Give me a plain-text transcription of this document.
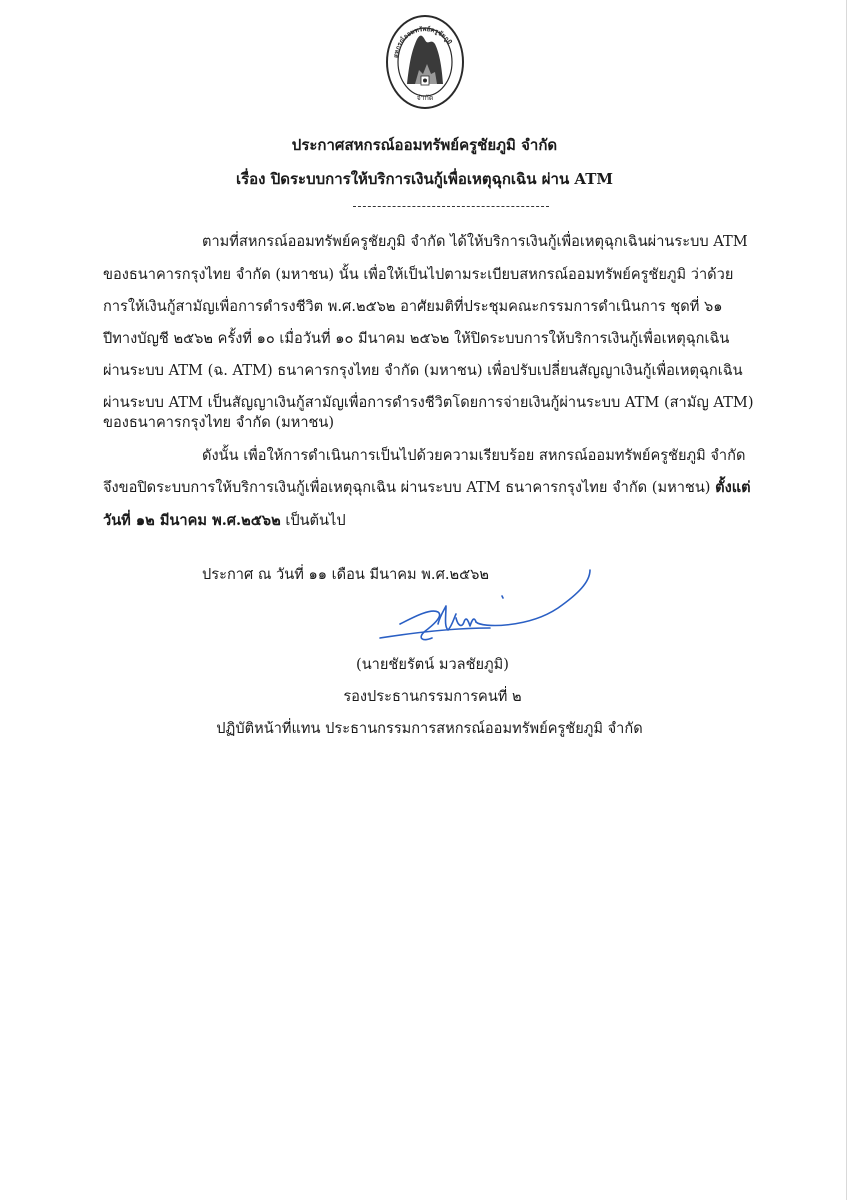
สหกรณ์ออมทรัพย์ครูชัยภูมิ
จำกัด
ประกาศสหกรณ์ออมทรัพย์ครูชัยภูมิ จำกัด
เรื่อง ปิดระบบการให้บริการเงินกู้เพื่อเหตุฉุกเฉิน ผ่าน ATM
ตามที่สหกรณ์ออมทรัพย์ครูชัยภูมิ จำกัด ได้ให้บริการเงินกู้เพื่อเหตุฉุกเฉินผ่านระบบ ATM
ของธนาคารกรุงไทย จำกัด (มหาชน) นั้น เพื่อให้เป็นไปตามระเบียบสหกรณ์ออมทรัพย์ครูชัยภูมิ ว่าด้วย
การให้เงินกู้สามัญเพื่อการดำรงชีวิต พ.ศ.๒๕๖๒ อาศัยมติที่ประชุมคณะกรรมการดำเนินการ ชุดที่ ๖๑
ปีทางบัญชี ๒๕๖๒ ครั้งที่ ๑๐ เมื่อวันที่ ๑๐ มีนาคม ๒๕๖๒ ให้ปิดระบบการให้บริการเงินกู้เพื่อเหตุฉุกเฉิน
ผ่านระบบ ATM (ฉ. ATM) ธนาคารกรุงไทย จำกัด (มหาชน) เพื่อปรับเปลี่ยนสัญญาเงินกู้เพื่อเหตุฉุกเฉิน
ผ่านระบบ ATM เป็นสัญญาเงินกู้สามัญเพื่อการดำรงชีวิตโดยการจ่ายเงินกู้ผ่านระบบ ATM (สามัญ ATM)
ของธนาคารกรุงไทย จำกัด (มหาชน)
ดังนั้น เพื่อให้การดำเนินการเป็นไปด้วยความเรียบร้อย สหกรณ์ออมทรัพย์ครูชัยภูมิ จำกัด
จึงขอปิดระบบการให้บริการเงินกู้เพื่อเหตุฉุกเฉิน ผ่านระบบ ATM ธนาคารกรุงไทย จำกัด (มหาชน) ตั้งแต่
วันที่ ๑๒ มีนาคม พ.ศ.๒๕๖๒ เป็นต้นไป
ประกาศ ณ วันที่ ๑๑ เดือน มีนาคม พ.ศ.๒๕๖๒
(นายชัยรัตน์ มวลชัยภูมิ)
รองประธานกรรมการคนที่ ๒
ปฏิบัติหน้าที่แทน ประธานกรรมการสหกรณ์ออมทรัพย์ครูชัยภูมิ จำกัด
